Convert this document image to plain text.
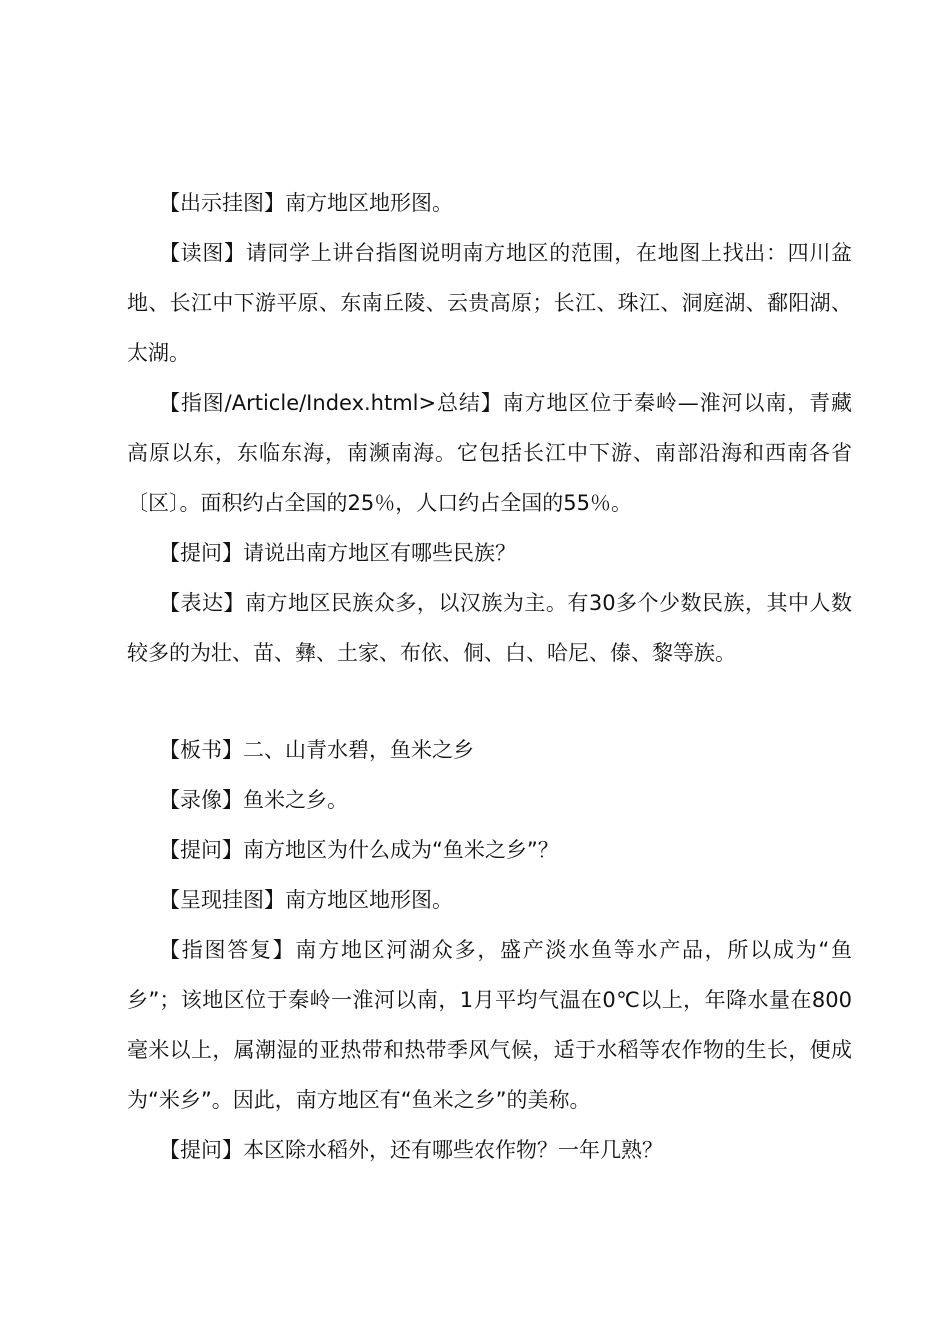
【出示挂图】南方地区地形图。

【读图】请同学上讲台指图说明南方地区的范围，在地图上找出：四川盆地、长江中下游平原、东南丘陵、云贵高原；长江、珠江、洞庭湖、鄱阳湖、太湖。

【指图/Article/Index.html>总结】南方地区位于秦岭—淮河以南，青藏高原以东，东临东海，南濒南海。它包括长江中下游、南部沿海和西南各省〔区〕。面积约占全国的25％，人口约占全国的55％。

【提问】请说出南方地区有哪些民族？

【表达】南方地区民族众多，以汉族为主。有30多个少数民族，其中人数较多的为壮、苗、彝、土家、布依、侗、白、哈尼、傣、黎等族。

【板书】二、山青水碧，鱼米之乡

【录像】鱼米之乡。

【提问】南方地区为什么成为“鱼米之乡”？

【呈现挂图】南方地区地形图。

【指图答复】南方地区河湖众多，盛产淡水鱼等水产品，所以成为“鱼乡”；该地区位于秦岭一淮河以南，1月平均气温在0℃以上，年降水量在800毫米以上，属潮湿的亚热带和热带季风气候，适于水稻等农作物的生长，便成为“米乡”。因此，南方地区有“鱼米之乡”的美称。

【提问】本区除水稻外，还有哪些农作物？一年几熟？
